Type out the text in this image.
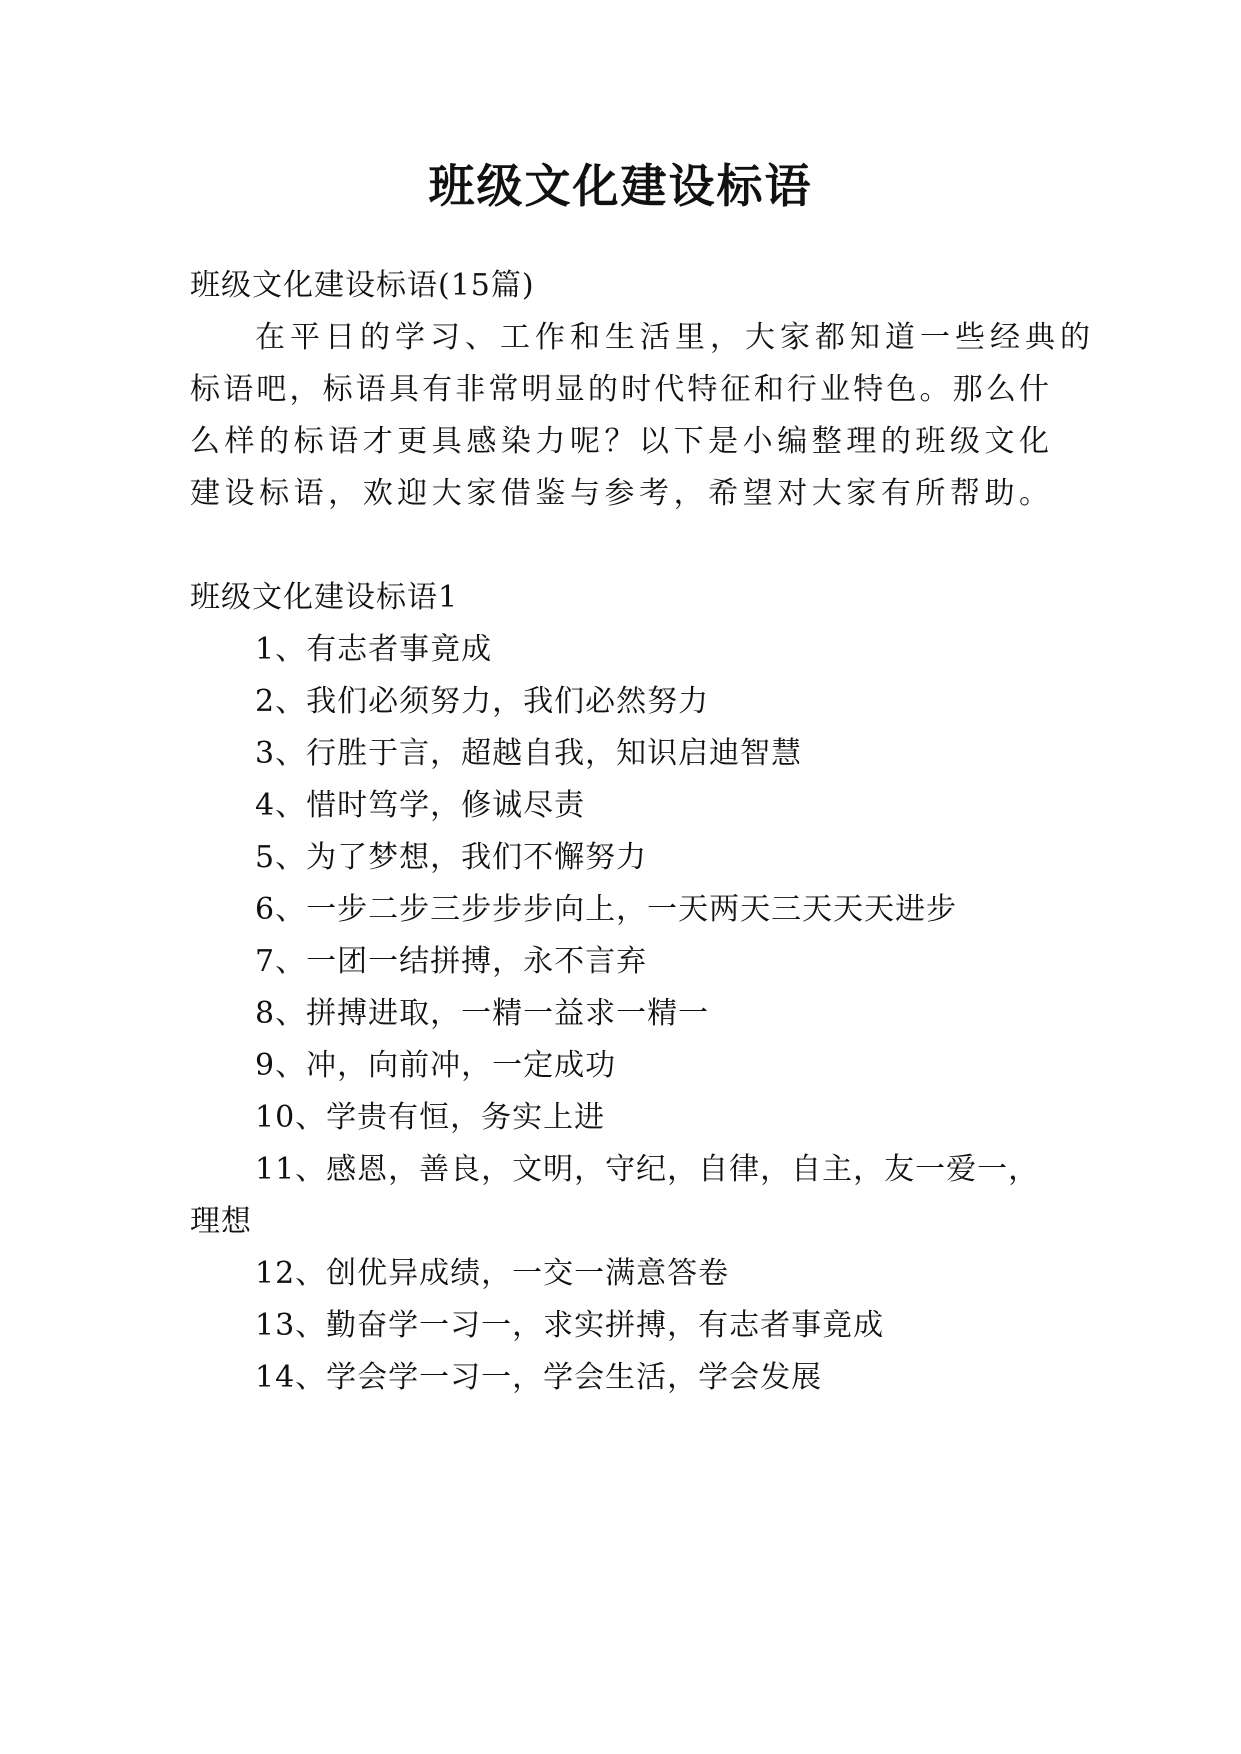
班级文化建设标语
班级文化建设标语(15篇)
在平日的学习、工作和生活里，大家都知道一些经典的
标语吧，标语具有非常明显的时代特征和行业特色。那么什
么样的标语才更具感染力呢？以下是小编整理的班级文化
建设标语，欢迎大家借鉴与参考，希望对大家有所帮助。
班级文化建设标语1
1、有志者事竟成
2、我们必须努力，我们必然努力
3、行胜于言，超越自我，知识启迪智慧
4、惜时笃学，修诚尽责
5、为了梦想，我们不懈努力
6、一步二步三步步步向上，一天两天三天天天进步
7、一团一结拼搏，永不言弃
8、拼搏进取，一精一益求一精一
9、冲，向前冲，一定成功
10、学贵有恒，务实上进
11、感恩，善良，文明，守纪，自律，自主，友一爱一，
理想
12、创优异成绩，一交一满意答卷
13、勤奋学一习一，求实拼搏，有志者事竟成
14、学会学一习一，学会生活，学会发展
